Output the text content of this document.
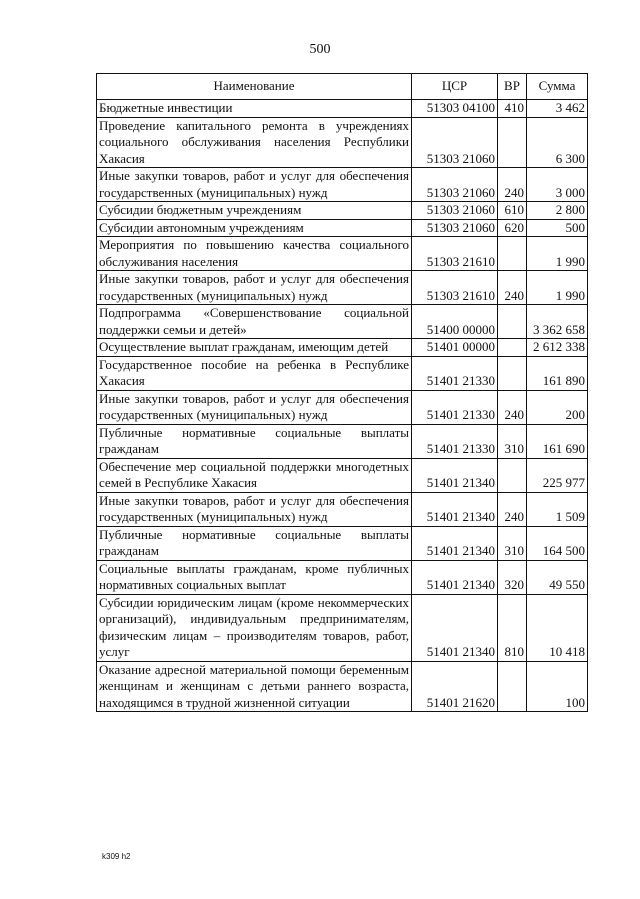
500
Наименование	ЦСР	ВР	Сумма
Бюджетные инвестиции	51303 04100	410	3 462
Проведение капитального ремонта в учреждениях социального обслуживания населения Республики Хакасия	51303 21060		6 300
Иные закупки товаров, работ и услуг для обеспечения государственных (муниципальных) нужд	51303 21060	240	3 000
Субсидии бюджетным учреждениям	51303 21060	610	2 800
Субсидии автономным учреждениям	51303 21060	620	500
Мероприятия по повышению качества социального обслуживания населения	51303 21610		1 990
Иные закупки товаров, работ и услуг для обеспечения государственных (муниципальных) нужд	51303 21610	240	1 990
Подпрограмма «Совершенствование социальной поддержки семьи и детей»	51400 00000		3 362 658
Осуществление выплат гражданам, имеющим детей	51401 00000		2 612 338
Государственное пособие на ребенка в Республике Хакасия	51401 21330		161 890
Иные закупки товаров, работ и услуг для обеспечения государственных (муниципальных) нужд	51401 21330	240	200
Публичные нормативные социальные выплаты гражданам	51401 21330	310	161 690
Обеспечение мер социальной поддержки многодетных семей в Республике Хакасия	51401 21340		225 977
Иные закупки товаров, работ и услуг для обеспечения государственных (муниципальных) нужд	51401 21340	240	1 509
Публичные нормативные социальные выплаты гражданам	51401 21340	310	164 500
Социальные выплаты гражданам, кроме публичных нормативных социальных выплат	51401 21340	320	49 550
Субсидии юридическим лицам (кроме некоммерческих организаций), индивидуальным предпринимателям, физическим лицам – производителям товаров, работ, услуг	51401 21340	810	10 418
Оказание адресной материальной помощи беременным женщинам и женщинам с детьми раннего возраста, находящимся в трудной жизненной ситуации	51401 21620		100
k309 h2
